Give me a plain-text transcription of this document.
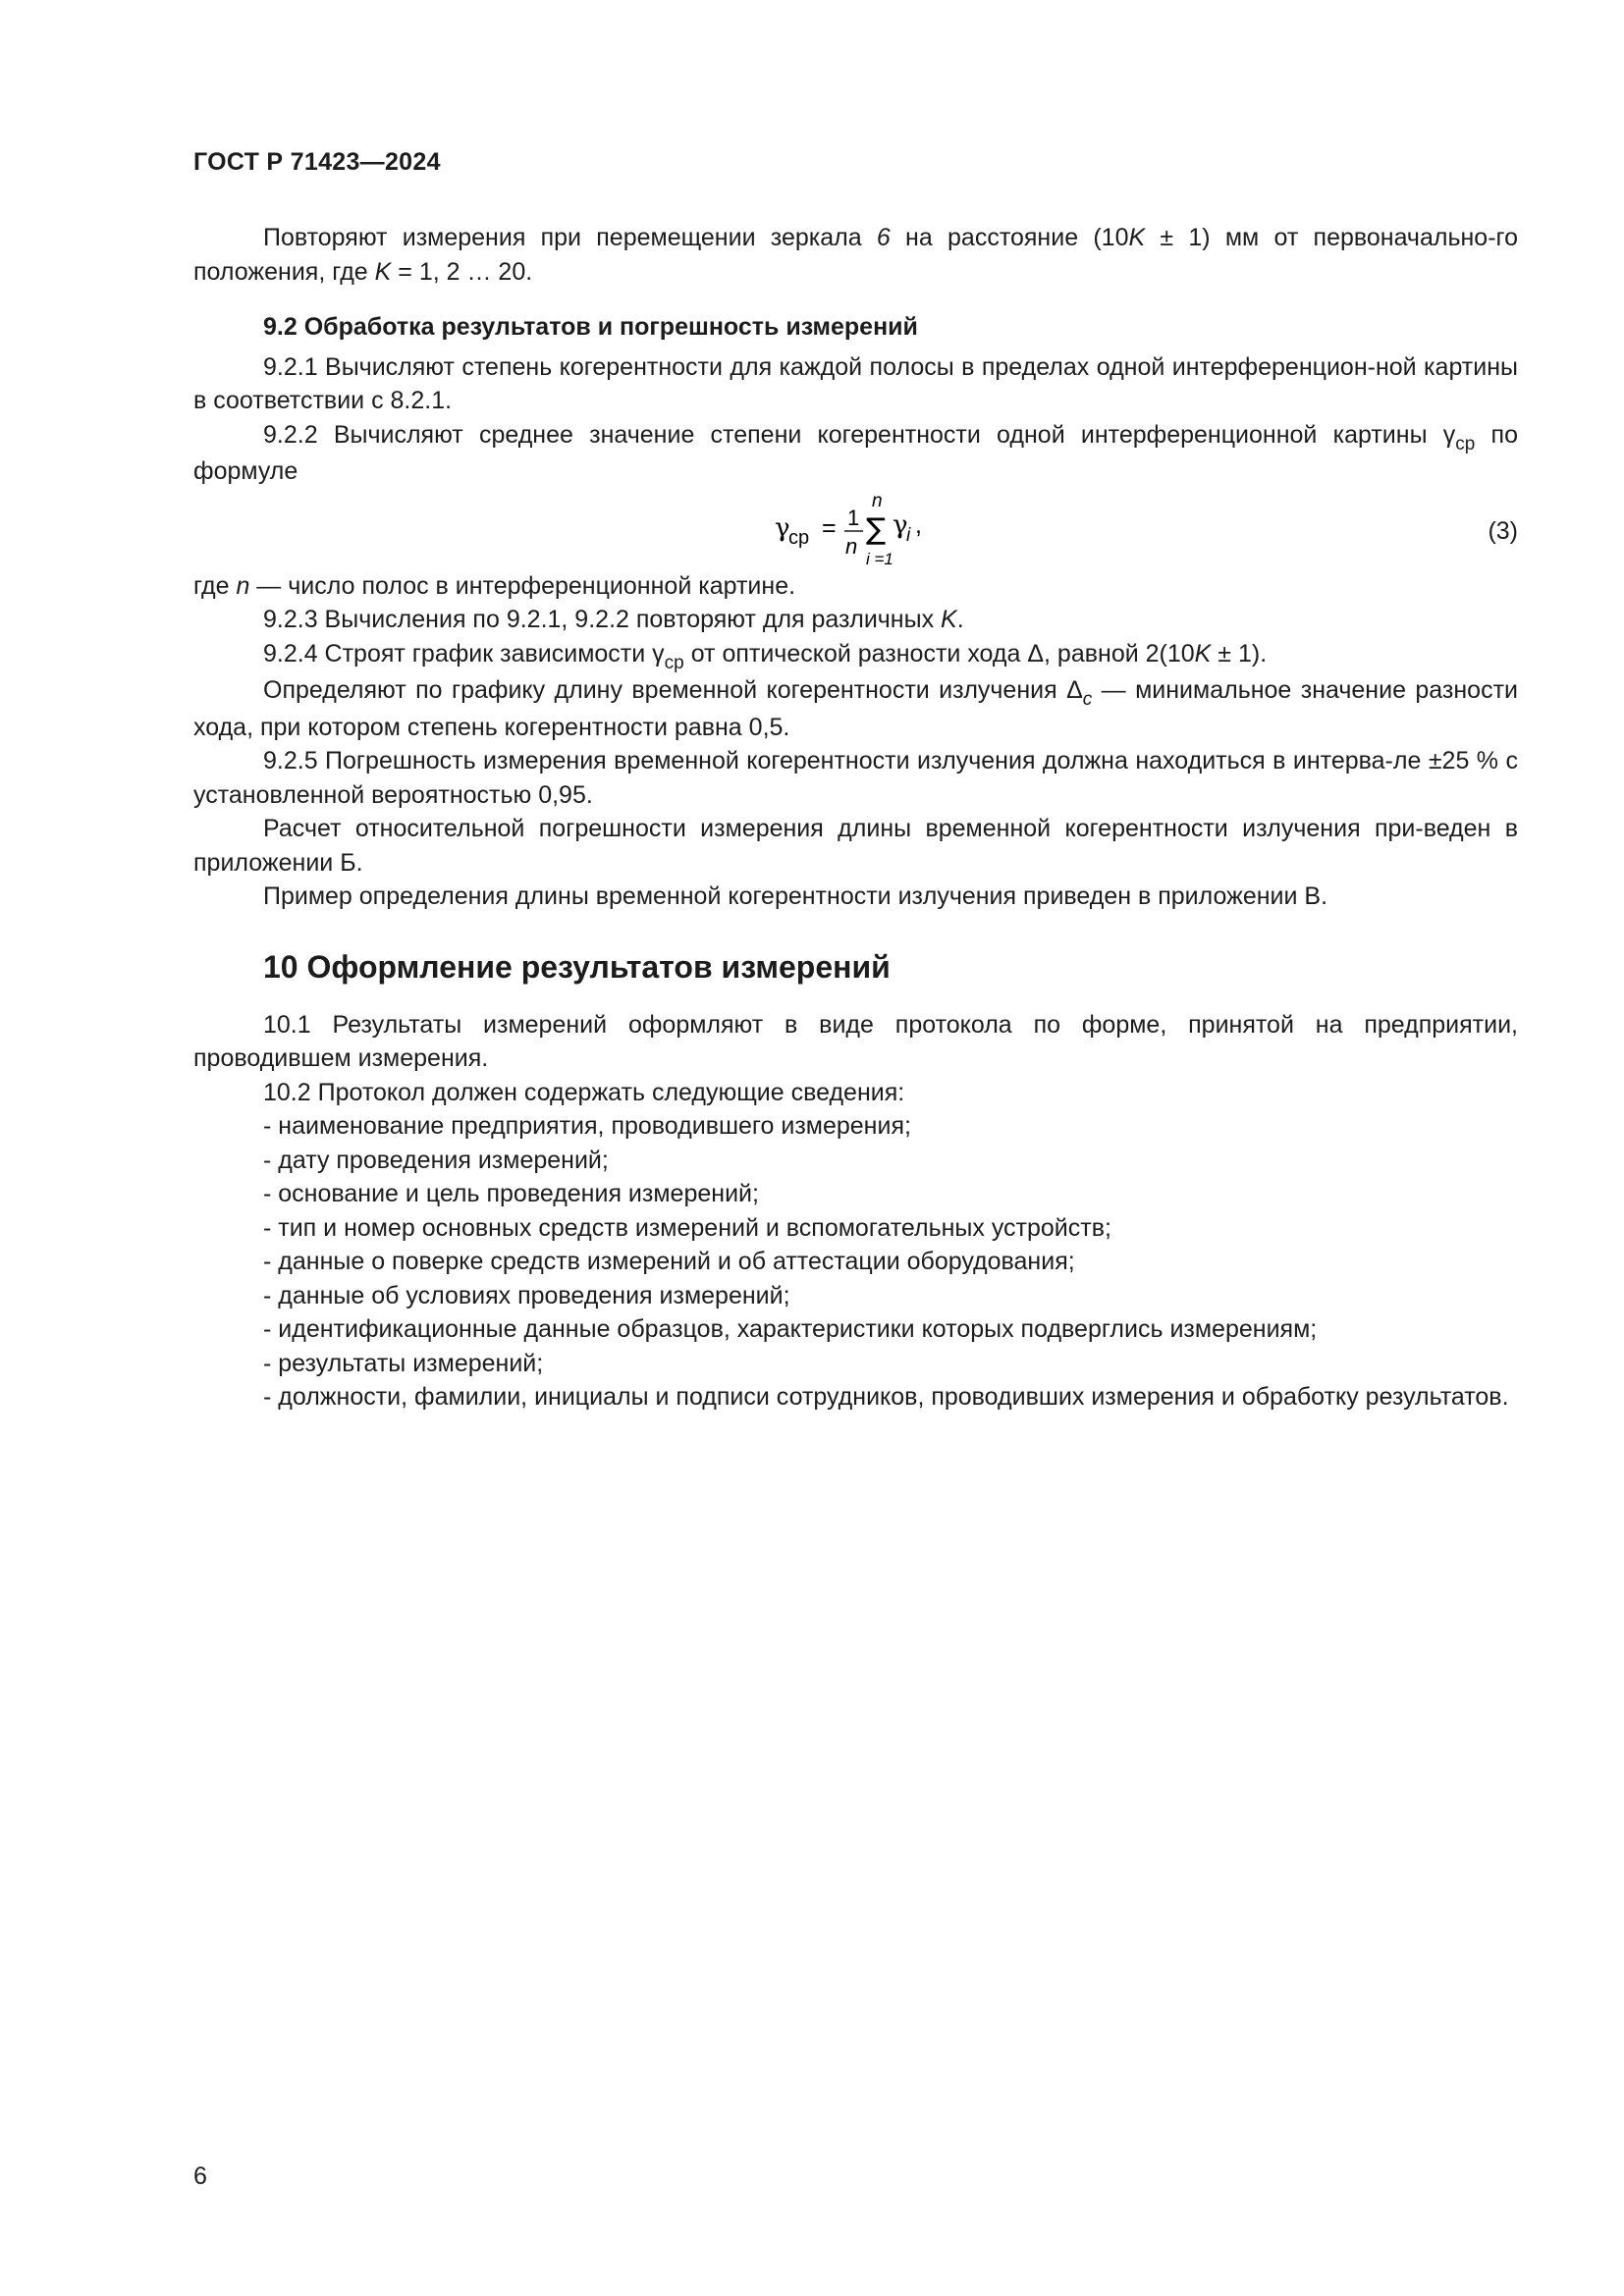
ГОСТ Р 71423—2024

Повторяют измерения при перемещении зеркала 6 на расстояние (10K ± 1) мм от первоначально-го положения, где K = 1, 2 … 20.

9.2 Обработка результатов и погрешность измерений

9.2.1 Вычисляют степень когерентности для каждой полосы в пределах одной интерференцион-ной картины в соответствии с 8.2.1.

9.2.2 Вычисляют среднее значение степени когерентности одной интерференционной картины $\gamma_{ср}$ по формуле

γ
ср = 1
n
n
∑
i =1
γ
i ,	(3)

где n — число полос в интерференционной картине.

9.2.3 Вычисления по 9.2.1, 9.2.2 повторяют для различных K.

9.2.4 Строят график зависимости $\gamma_{ср}$ от оптической разности хода Δ, равной 2(10K ± 1).

Определяют по графику длину временной когерентности излучения $\Delta_c$ — минимальное значение разности хода, при котором степень когерентности равна 0,5.

9.2.5 Погрешность измерения временной когерентности излучения должна находиться в интерва-ле ±25 % с установленной вероятностью 0,95.

Расчет относительной погрешности измерения длины временной когерентности излучения при-веден в приложении Б.

Пример определения длины временной когерентности излучения приведен в приложении В.

10 Оформление результатов измерений

10.1 Результаты измерений оформляют в виде протокола по форме, принятой на предприятии, проводившем измерения.

10.2 Протокол должен содержать следующие сведения:

- наименование предприятия, проводившего измерения;

- дату проведения измерений;

- основание и цель проведения измерений;

- тип и номер основных средств измерений и вспомогательных устройств;

- данные о поверке средств измерений и об аттестации оборудования;

- данные об условиях проведения измерений;

- идентификационные данные образцов, характеристики которых подверглись измерениям;

- результаты измерений;

- должности, фамилии, инициалы и подписи сотрудников, проводивших измерения и обработку результатов.

6
